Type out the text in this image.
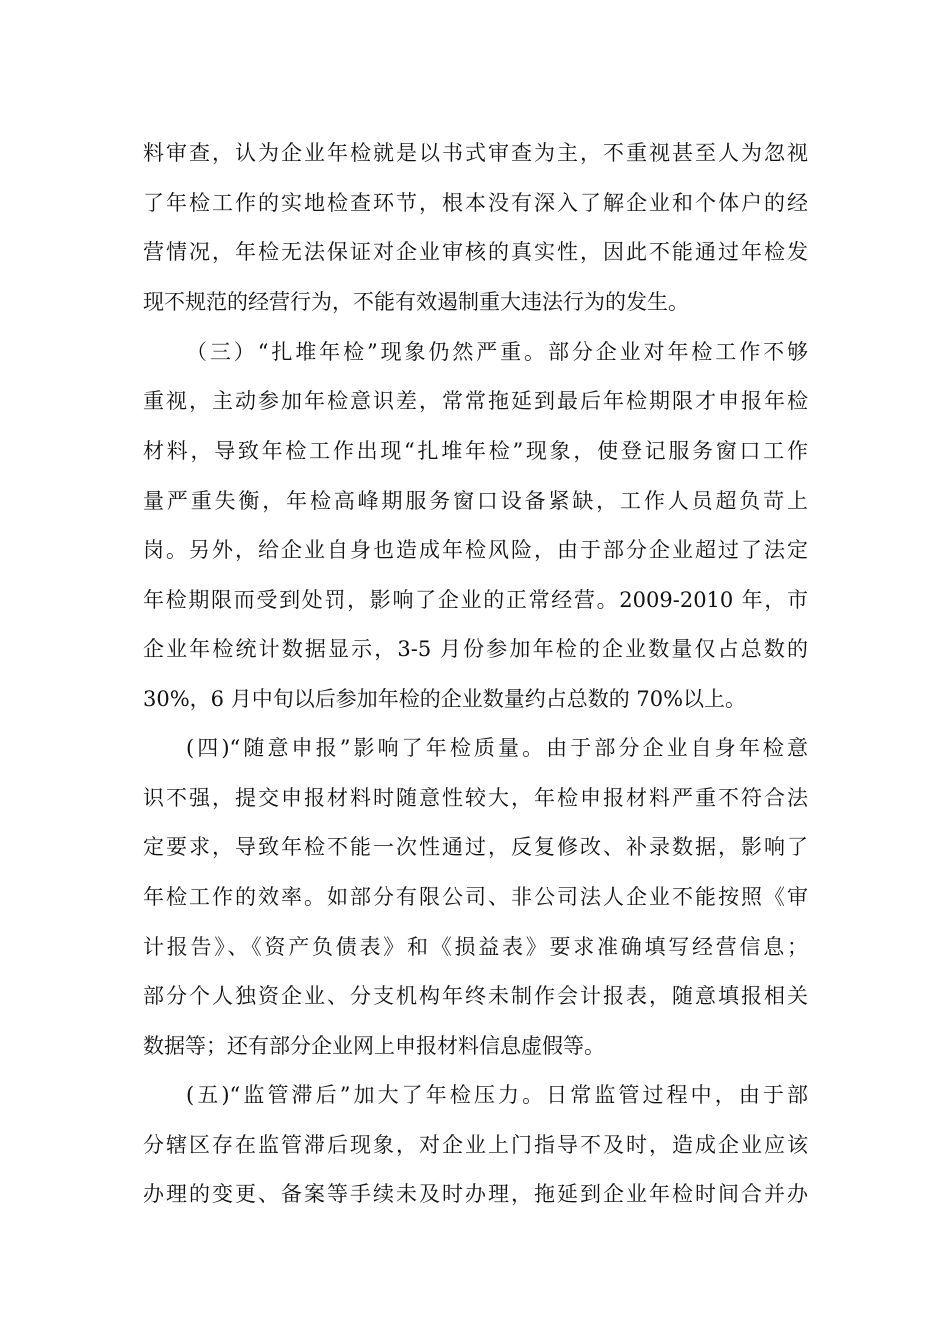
料审查，认为企业年检就是以书式审查为主，不重视甚至人为忽视
了年检工作的实地检查环节，根本没有深入了解企业和个体户的经
营情况，年检无法保证对企业审核的真实性，因此不能通过年检发
现不规范的经营行为，不能有效遏制重大违法行为的发生。
（三）“扎堆年检”现象仍然严重。部分企业对年检工作不够
重视，主动参加年检意识差，常常拖延到最后年检期限才申报年检
材料，导致年检工作出现“扎堆年检”现象，使登记服务窗口工作
量严重失衡，年检高峰期服务窗口设备紧缺，工作人员超负苛上
岗。另外，给企业自身也造成年检风险，由于部分企业超过了法定
年检期限而受到处罚，影响了企业的正常经营。2009-2010 年，市
企业年检统计数据显示，3-5 月份参加年检的企业数量仅占总数的
30%，6 月中旬以后参加年检的企业数量约占总数的 70%以上。
(四)“随意申报”影响了年检质量。由于部分企业自身年检意
识不强，提交申报材料时随意性较大，年检申报材料严重不符合法
定要求，导致年检不能一次性通过，反复修改、补录数据，影响了
年检工作的效率。如部分有限公司、非公司法人企业不能按照《审
计报告》、《资产负债表》和《损益表》要求准确填写经营信息；
部分个人独资企业、分支机构年终未制作会计报表，随意填报相关
数据等；还有部分企业网上申报材料信息虚假等。
(五)“监管滞后”加大了年检压力。日常监管过程中，由于部
分辖区存在监管滞后现象，对企业上门指导不及时，造成企业应该
办理的变更、备案等手续未及时办理，拖延到企业年检时间合并办
